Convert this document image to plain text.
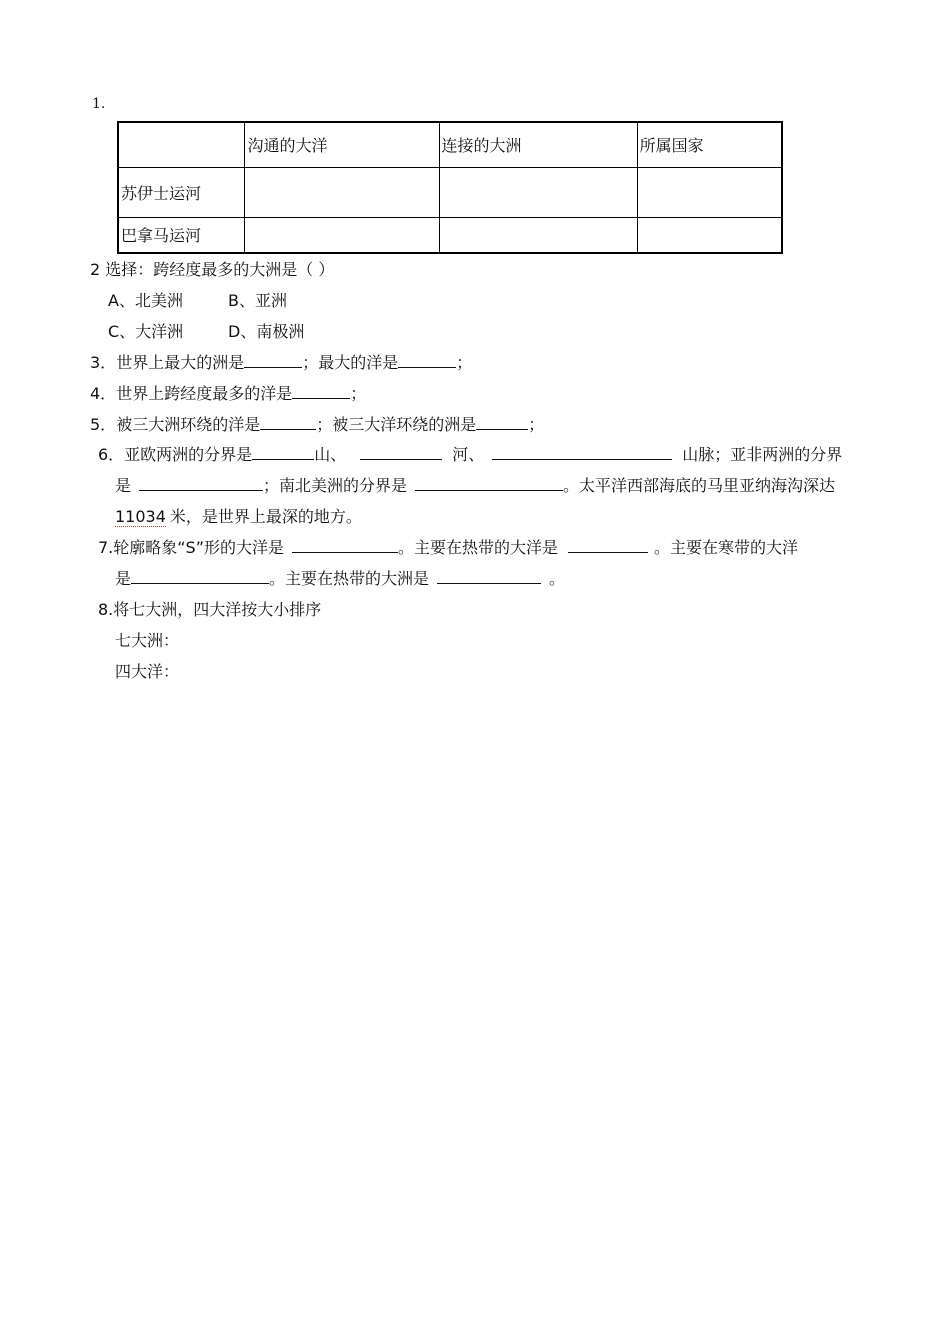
1.
	沟通的大洋	连接的大洲	所属国家
苏伊士运河			
巴拿马运河			
2 选择：跨经度最多的大洲是（ ）
A、北美洲	B、亚洲
C、大洋洲	D、南极洲
3．世界上最大的洲是	；最大的洋是	；
4．世界上跨经度最多的洋是	；
5．被三大洲环绕的洋是	；被三大洋环绕的洲是	；
6．亚欧两洲的分界是	山、	河、	山脉；亚非两洲的分界
是	；南北美洲的分界是	。太平洋西部海底的马里亚纳海沟深达
11034 米，是世界上最深的地方。
7.轮廓略象“S”形的大洋是	。主要在热带的大洋是	。主要在寒带的大洋
是	。主要在热带的大洲是	。
8.将七大洲，四大洋按大小排序
七大洲：
四大洋：
